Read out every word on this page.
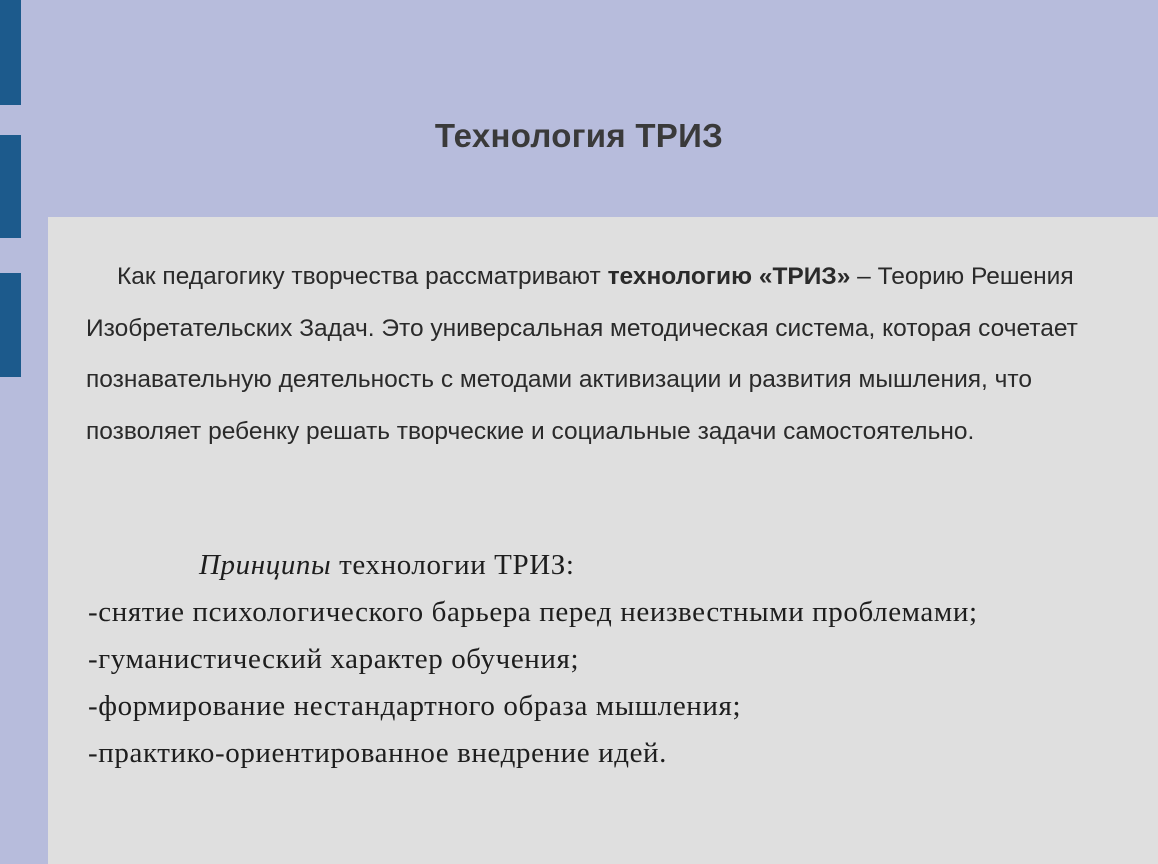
Технология ТРИЗ

Как педагогику творчества рассматривают технологию «ТРИЗ» – Теорию Решения Изобретательских Задач. Это универсальная методическая система, которая сочетает познавательную деятельность с методами активизации и развития мышления, что позволяет ребенку решать творческие и социальные задачи самостоятельно.

Принципы технологии ТРИЗ:

-снятие психологического барьера перед неизвестными проблемами;

-гуманистический характер обучения;

-формирование нестандартного образа мышления;

-практико-ориентированное внедрение идей.
